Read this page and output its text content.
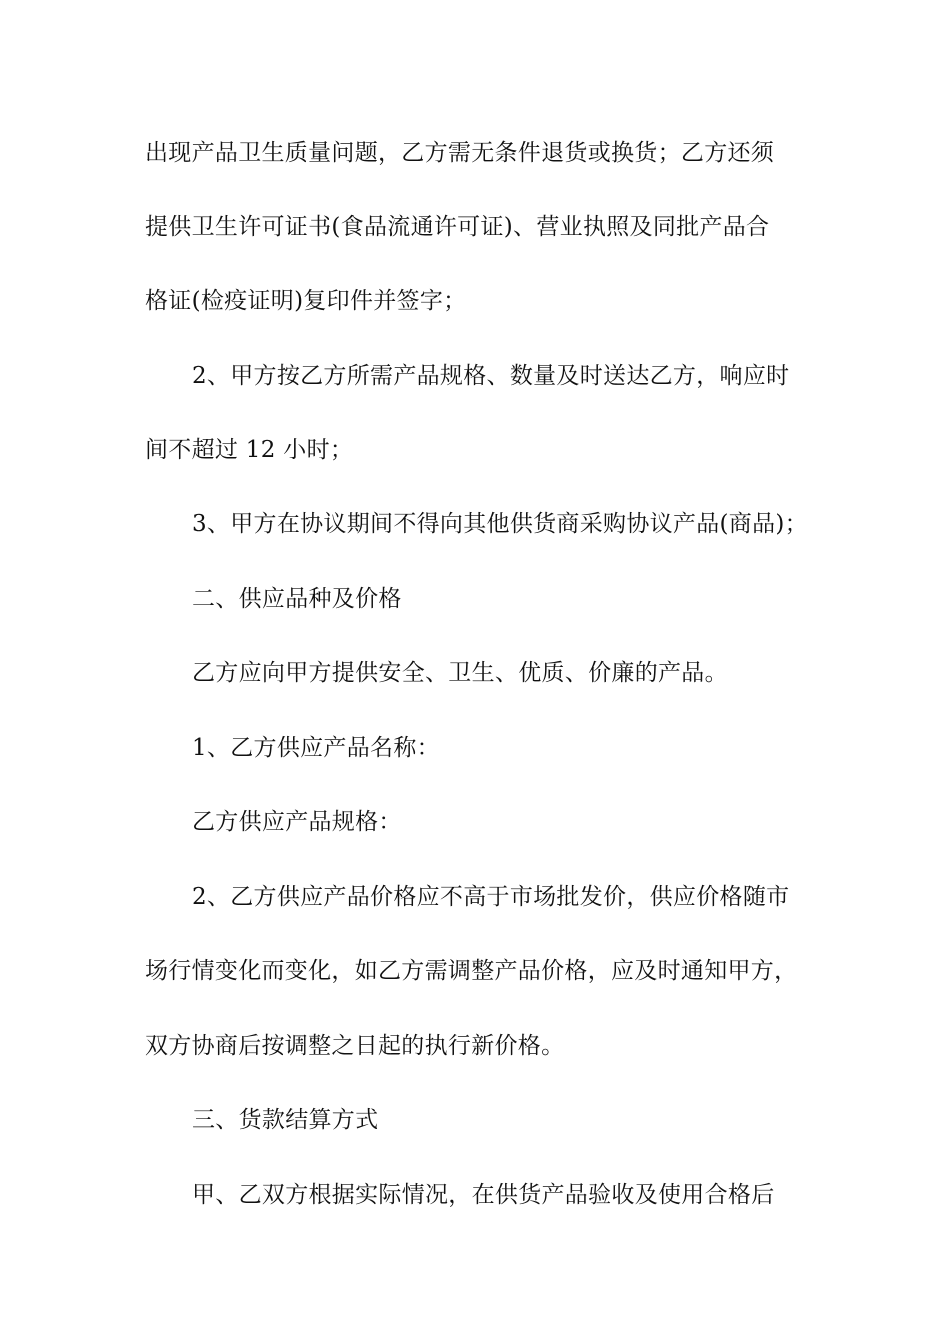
出现产品卫生质量问题，乙方需无条件退货或换货；乙方还须
提供卫生许可证书(食品流通许可证)、营业执照及同批产品合
格证(检疫证明)复印件并签字；
2、甲方按乙方所需产品规格、数量及时送达乙方，响应时
间不超过 12 小时；
3、甲方在协议期间不得向其他供货商采购协议产品(商品)；
二、供应品种及价格
乙方应向甲方提供安全、卫生、优质、价廉的产品。
1、乙方供应产品名称：
乙方供应产品规格：
2、乙方供应产品价格应不高于市场批发价，供应价格随市
场行情变化而变化，如乙方需调整产品价格，应及时通知甲方，
双方协商后按调整之日起的执行新价格。
三、货款结算方式
甲、乙双方根据实际情况，在供货产品验收及使用合格后
